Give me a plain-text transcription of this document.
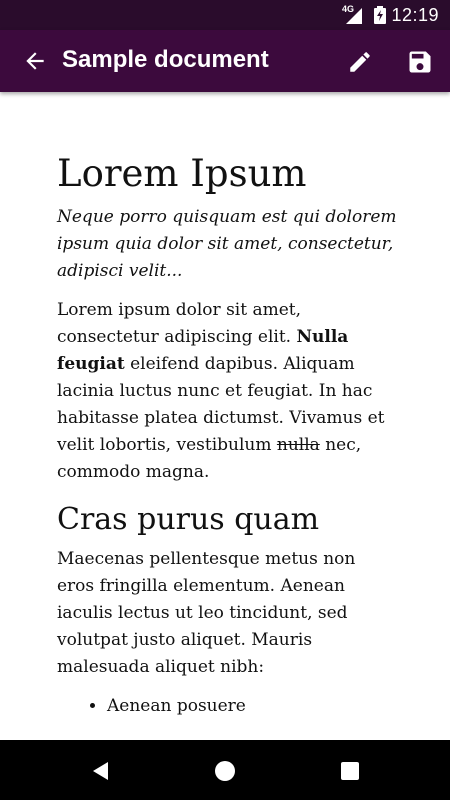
4G 12:19
Sample document
Lorem Ipsum

Neque porro quisquam est qui dolorem ipsum quia dolor sit amet, consectetur, adipisci velit...

Lorem ipsum dolor sit amet, consectetur adipiscing elit. Nulla feugiat eleifend dapibus. Aliquam lacinia luctus nunc et feugiat. In hac habitasse platea dictumst. Vivamus et velit lobortis, vestibulum nulla nec, commodo magna.

Cras purus quam

Maecenas pellentesque metus non eros fringilla elementum. Aenean iaculis lectus ut leo tincidunt, sed volutpat justo aliquet. Mauris malesuada aliquet nibh:

• Aenean posuere
